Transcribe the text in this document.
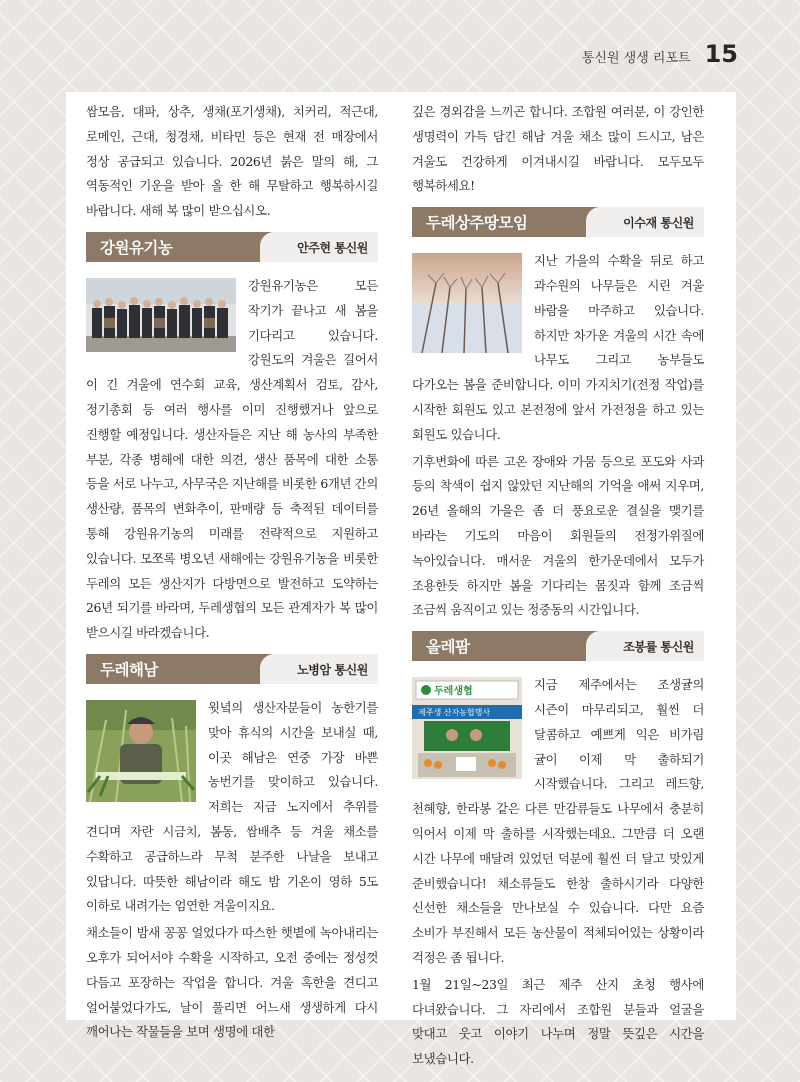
통신원 생생 리포트 15

쌈모음, 대파, 상추, 생채(포기생채), 치커리, 적근대, 로메인, 근대, 청경채, 비타민 등은 현재 전 매장에서 정상 공급되고 있습니다. 2026년 붉은 말의 해, 그 역동적인 기운을 받아 올 한 해 무탈하고 행복하시길 바랍니다. 새해 복 많이 받으십시오.

강원유기농	안주현 통신원

강원유기농은 모든 작기가 끝나고 새 봄을 기다리고 있습니다. 강원도의 겨울은 길어서 이 긴 겨울에 연수회 교육, 생산계획서 검토, 감사, 정기총회 등 여러 행사를 이미 진행했거나 앞으로 진행할 예정입니다. 생산자들은 지난 해 농사의 부족한 부분, 각종 병해에 대한 의견, 생산 품목에 대한 소통 등을 서로 나누고, 사무국은 지난해를 비롯한 6개년 간의 생산량, 품목의 변화추이, 판매량 등 축적된 데이터를 통해 강원유기농의 미래를 전략적으로 지원하고 있습니다. 모쪼록 병오년 새해에는 강원유기농을 비롯한 두레의 모든 생산지가 다방면으로 발전하고 도약하는 26년 되기를 바라며, 두레생협의 모든 관계자가 복 많이 받으시길 바라겠습니다.

두레해남	노병암 통신원

윗녘의 생산자분들이 농한기를 맞아 휴식의 시간을 보내실 때, 이곳 해남은 연중 가장 바쁜 농번기를 맞이하고 있습니다. 저희는 지금 노지에서 추위를 견디며 자란 시금치, 봄동, 쌈배추 등 겨울 채소를 수확하고 공급하느라 무척 분주한 나날을 보내고 있답니다. 따뜻한 해남이라 해도 밤 기온이 영하 5도 이하로 내려가는 엄연한 겨울이지요.

채소들이 밤새 꽁꽁 얼었다가 따스한 햇볕에 녹아내리는 오후가 되어서야 수확을 시작하고, 오전 중에는 정성껏 다듬고 포장하는 작업을 합니다. 겨울 혹한을 견디고 얼어붙었다가도, 날이 풀리면 어느새 생생하게 다시 깨어나는 작물들을 보며 생명에 대한

깊은 경외감을 느끼곤 합니다. 조합원 여러분, 이 강인한 생명력이 가득 담긴 해남 겨울 채소 많이 드시고, 남은 겨울도 건강하게 이겨내시길 바랍니다. 모두모두 행복하세요!

두레상주땅모임	이수재 통신원

지난 가을의 수확을 뒤로 하고 과수원의 나무들은 시린 겨울 바람을 마주하고 있습니다. 하지만 차가운 겨울의 시간 속에 나무도 그리고 농부들도 다가오는 봄을 준비합니다. 이미 가지치기(전정 작업)를 시작한 회원도 있고 본전정에 앞서 가전정을 하고 있는 회원도 있습니다.

기후변화에 따른 고온 장애와 가뭄 등으로 포도와 사과 등의 착색이 쉽지 않았던 지난해의 기억을 애써 지우며, 26년 올해의 가을은 좀 더 풍요로운 결실을 맺기를 바라는 기도의 마음이 회원들의 전정가위질에 녹아있습니다. 매서운 겨울의 한가운데에서 모두가 조용한듯 하지만 봄을 기다리는 몸짓과 함께 조금씩 조금씩 움직이고 있는 정중동의 시간입니다.

올레팜	조봉률 통신원
두레생협
제주생 산자농협행사

지금 제주에서는 조생귤의 시즌이 마무리되고, 훨씬 더 달콤하고 예쁘게 익은 비가림 귤이 이제 막 출하되기 시작했습니다. 그리고 레드향, 천혜향, 한라봉 같은 다른 만감류들도 나무에서 충분히 익어서 이제 막 출하를 시작했는데요. 그만큼 더 오랜 시간 나무에 매달려 있었던 덕분에 훨씬 더 달고 맛있게 준비했습니다! 채소류들도 한창 출하시기라 다양한 신선한 채소들을 만나보실 수 있습니다. 다만 요즘 소비가 부진해서 모든 농산물이 적체되어있는 상황이라 걱정은 좀 됩니다.

1월 21일~23일 최근 제주 산지 초청 행사에 다녀왔습니다. 그 자리에서 조합원 분들과 얼굴을 맞대고 웃고 이야기 나누며 정말 뜻깊은 시간을 보냈습니다.
